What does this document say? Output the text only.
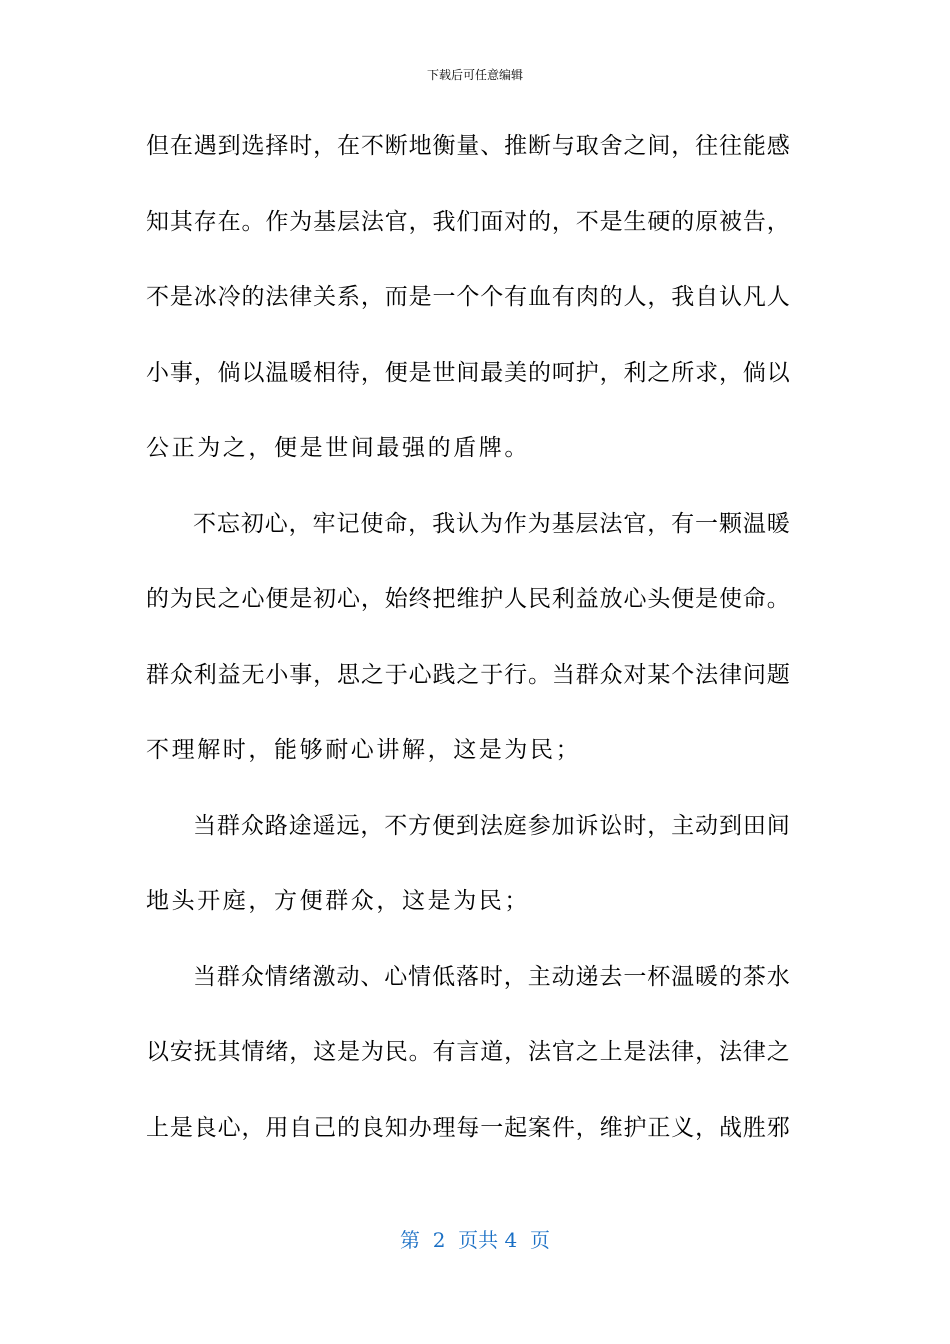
下载后可任意编辑
但 在 遇 到 选 择 时 ， 在 不 断 地 衡 量 、 推 断 与 取 舍 之 间 ， 往 往 能 感
知 其 存 在 。 作 为 基 层 法 官 ， 我 们 面 对 的 ， 不 是 生 硬 的 原 被 告 ，
不 是 冰 冷 的 法 律 关 系 ， 而 是 一 个 个 有 血 有 肉 的 人 ， 我 自 认 凡 人
小 事 ， 倘 以 温 暖 相 待 ， 便 是 世 间 最 美 的 呵 护 ， 利 之 所 求 ， 倘 以
公正为之，便是世间最强的盾牌。
不 忘 初 心 ， 牢 记 使 命 ， 我 认 为 作 为 基 层 法 官 ， 有 一 颗 温 暖
的 为 民 之 心 便 是 初 心 ， 始 终 把 维 护 人 民 利 益 放 心 头 便 是 使 命 。
群 众 利 益 无 小 事 ， 思 之 于 心 践 之 于 行 。 当 群 众 对 某 个 法 律 问 题
不理解时，能够耐心讲解，这是为民；
当 群 众 路 途 遥 远 ， 不 方 便 到 法 庭 参 加 诉 讼 时 ， 主 动 到 田 间
地头开庭，方便群众，这是为民；
当 群 众 情 绪 激 动 、 心 情 低 落 时 ， 主 动 递 去 一 杯 温 暖 的 茶 水
以 安 抚 其 情 绪 ， 这 是 为 民 。 有 言 道 ， 法 官 之 上 是 法 律 ， 法 律 之
上 是 良 心 ， 用 自 己 的 良 知 办 理 每 一 起 案 件 ， 维 护 正 义 ， 战 胜 邪
第  2  页共 4  页
